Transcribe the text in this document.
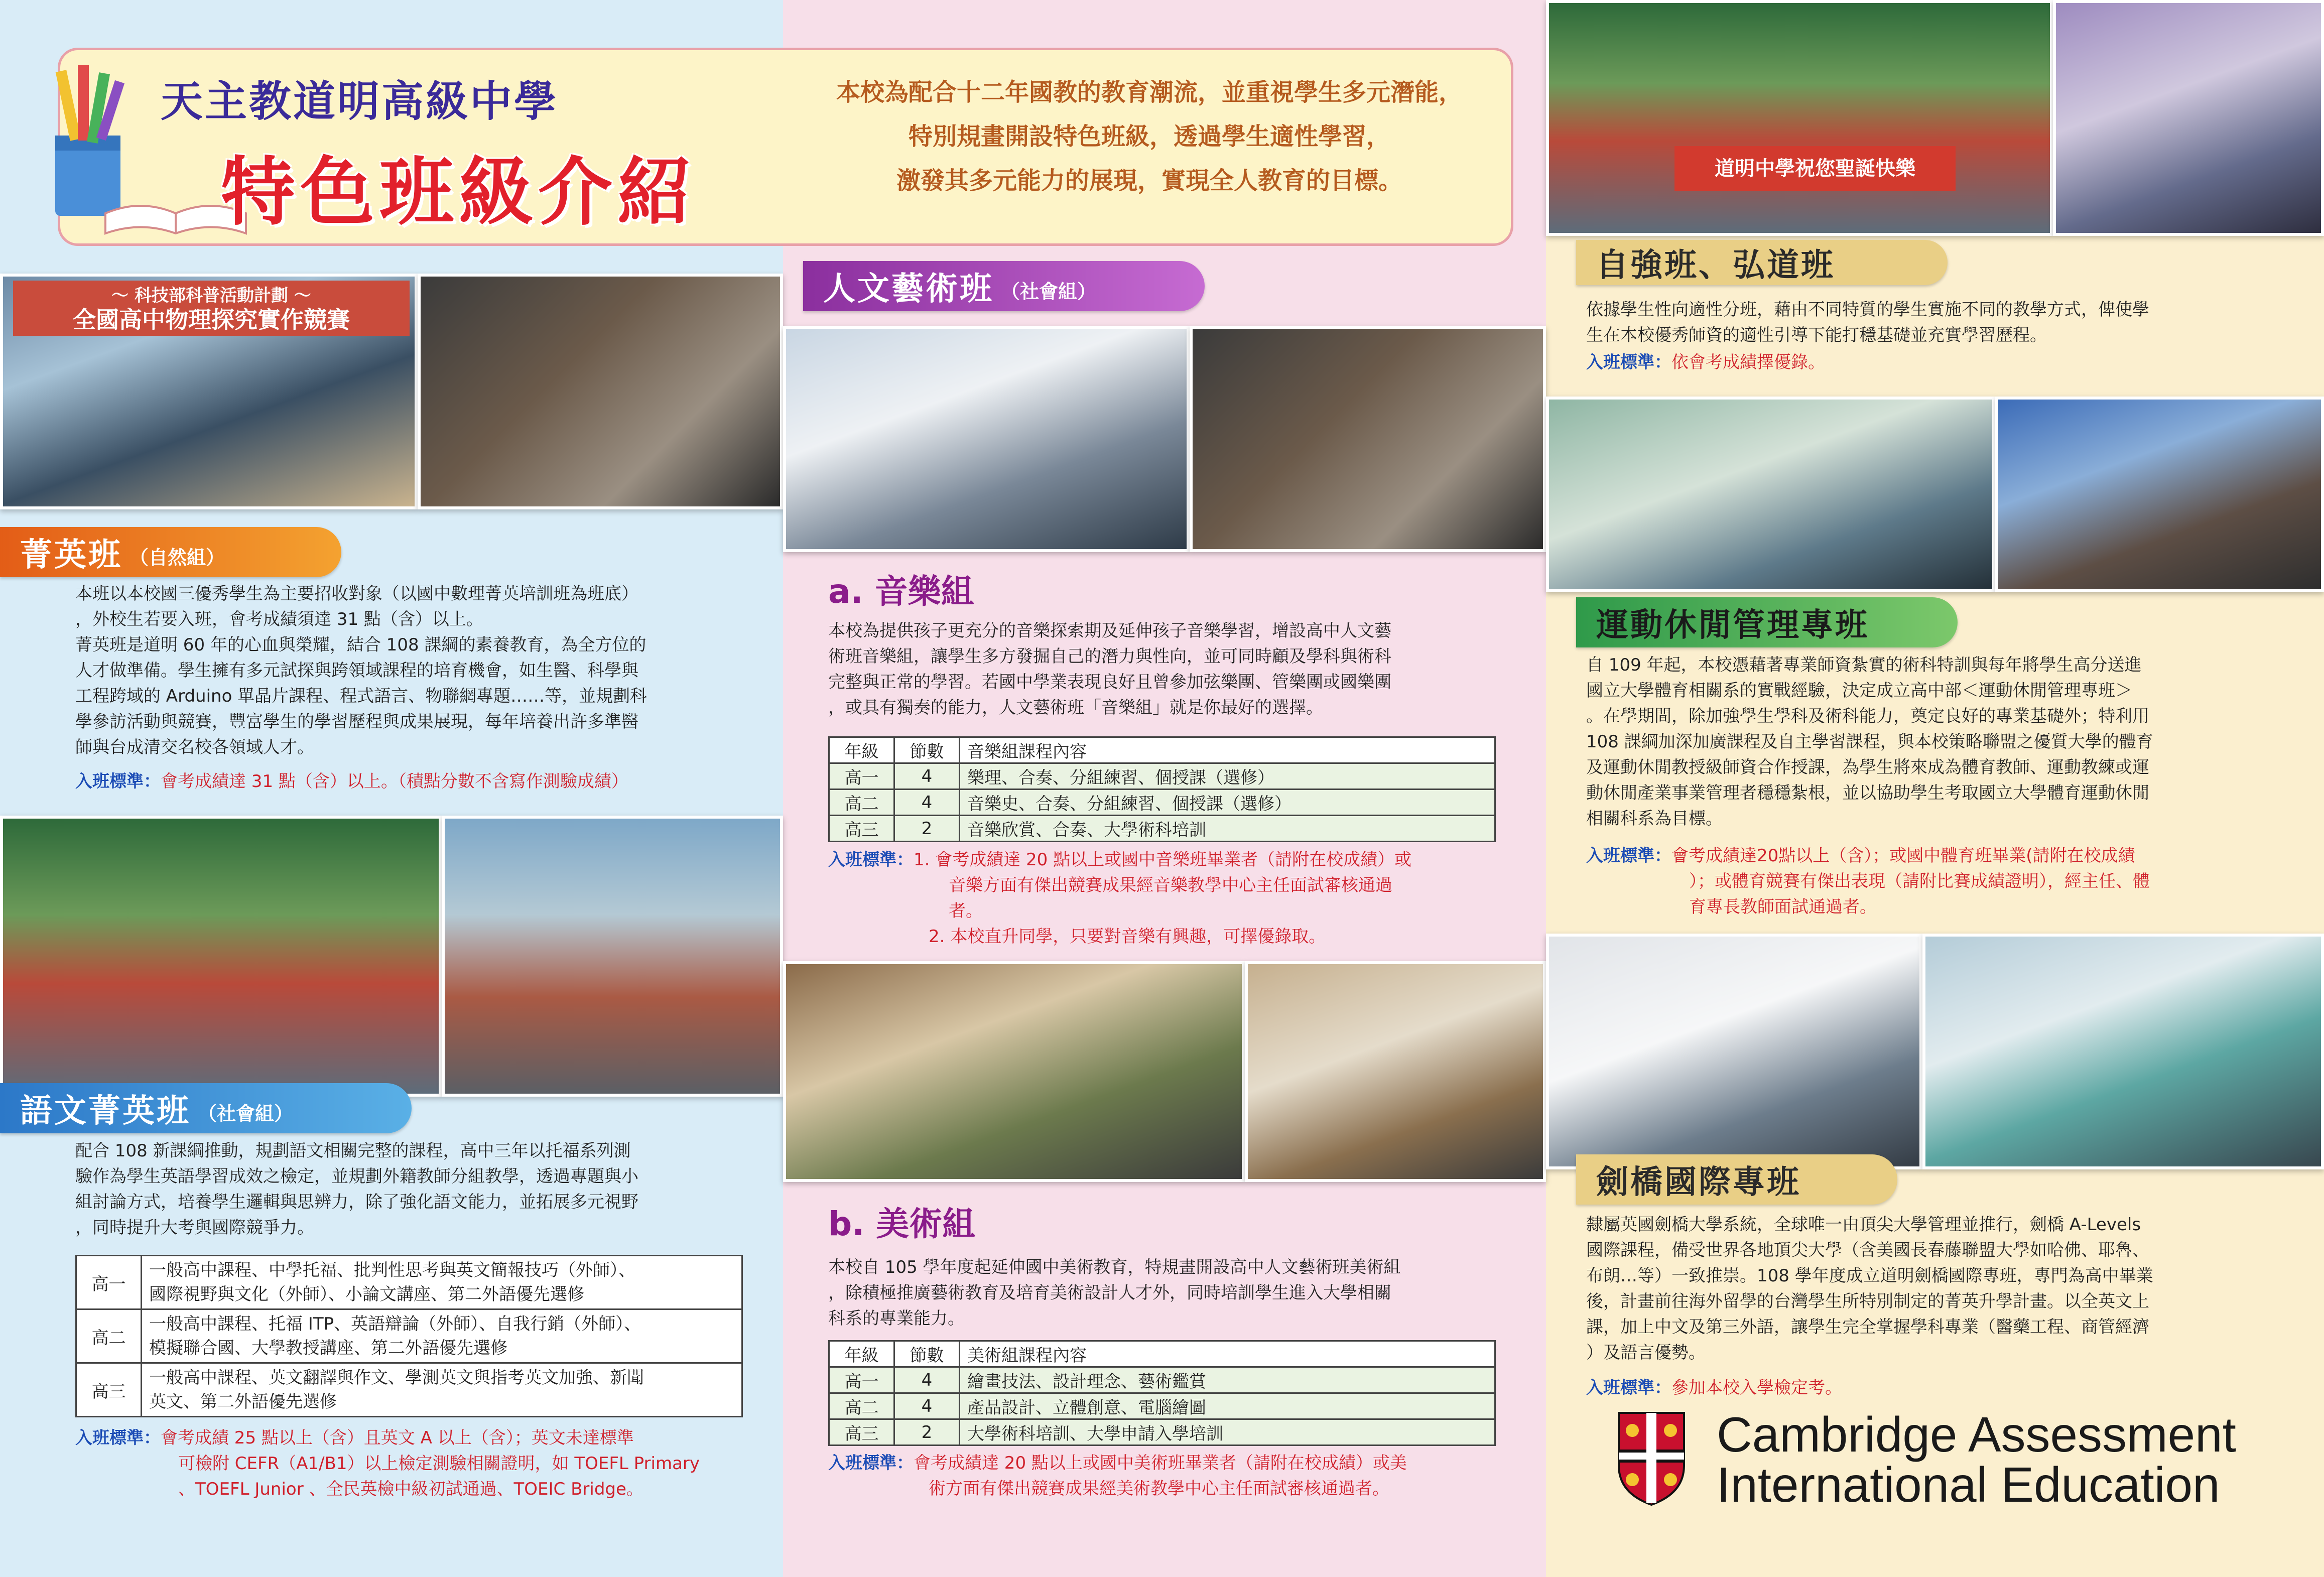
天主教道明高級中學
特色班級介紹
本校為配合十二年國教的教育潮流，並重視學生多元潛能，
特別規畫開設特色班級，透過學生適性學習，
激發其多元能力的展現，實現全人教育的目標。
～ 科技部科普活動計劃 ～
全國高中物理探究實作競賽
菁英班 （自然組）
本班以本校國三優秀學生為主要招收對象（以國中數理菁英培訓班為班底）
，外校生若要入班，會考成績須達 31 點（含）以上。
菁英班是道明 60 年的心血與榮耀，結合 108 課綱的素養教育，為全方位的
人才做準備。學生擁有多元試探與跨領域課程的培育機會，如生醫、科學與
工程跨域的 Arduino 單晶片課程、程式語言、物聯網專題……等，並規劃科
學參訪活動與競賽，豐富學生的學習歷程與成果展現，每年培養出許多準醫
師與台成清交名校各領域人才。
入班標準：會考成績達 31 點（含）以上。（積點分數不含寫作測驗成績）
語文菁英班 （社會組）
配合 108 新課綱推動，規劃語文相關完整的課程，高中三年以托福系列測
驗作為學生英語學習成效之檢定，並規劃外籍教師分組教學，透過專題與小
組討論方式，培養學生邏輯與思辨力，除了強化語文能力，並拓展多元視野
，同時提升大考與國際競爭力。
高一	一般高中課程、中學托福、批判性思考與英文簡報技巧（外師）、
國際視野與文化（外師）、小論文講座、第二外語優先選修

高二	一般高中課程、托福 ITP、英語辯論（外師）、自我行銷（外師）、
模擬聯合國、大學教授講座、第二外語優先選修

高三	一般高中課程、英文翻譯與作文、學測英文與指考英文加強、新聞
英文、第二外語優先選修
入班標準：會考成績 25 點以上（含）且英文 A 以上（含）；英文未達標準
可檢附 CEFR（A1/B1）以上檢定測驗相關證明，如 TOEFL Primary
、TOEFL Junior 、全民英檢中級初試通過、TOEIC Bridge。
人文藝術班 （社會組）
a. 音樂組
本校為提供孩子更充分的音樂探索期及延伸孩子音樂學習，增設高中人文藝
術班音樂組，讓學生多方發掘自己的潛力與性向，並可同時顧及學科與術科
完整與正常的學習。若國中學業表現良好且曾參加弦樂團、管樂團或國樂團
，或具有獨奏的能力，人文藝術班「音樂組」就是你最好的選擇。
年級	節數	音樂組課程內容
高一	4	樂理、合奏、分組練習、個授課（選修）
高二	4	音樂史、合奏、分組練習、個授課（選修）
高三	2	音樂欣賞、合奏、大學術科培訓
入班標準：1. 會考成績達 20 點以上或國中音樂班畢業者（請附在校成績）或
音樂方面有傑出競賽成果經音樂教學中心主任面試審核通過
者。
2. 本校直升同學，只要對音樂有興趣，可擇優錄取。
b. 美術組
本校自 105 學年度起延伸國中美術教育，特規畫開設高中人文藝術班美術組
，除積極推廣藝術教育及培育美術設計人才外，同時培訓學生進入大學相關
科系的專業能力。
年級	節數	美術組課程內容
高一	4	繪畫技法、設計理念、藝術鑑賞
高二	4	產品設計、立體創意、電腦繪圖
高三	2	大學術科培訓、大學申請入學培訓
入班標準：會考成績達 20 點以上或國中美術班畢業者（請附在校成績）或美
術方面有傑出競賽成果經美術教學中心主任面試審核通過者。
道明中學祝您聖誕快樂
自強班、弘道班
依據學生性向適性分班，藉由不同特質的學生實施不同的教學方式，俾使學
生在本校優秀師資的適性引導下能打穩基礎並充實學習歷程。
入班標準：依會考成績擇優錄。
運動休閒管理專班
自 109 年起，本校憑藉著專業師資紮實的術科特訓與每年將學生高分送進
國立大學體育相關系的實戰經驗，決定成立高中部＜運動休閒管理專班＞
。在學期間，除加強學生學科及術科能力，奠定良好的專業基礎外；特利用
108 課綱加深加廣課程及自主學習課程，與本校策略聯盟之優質大學的體育
及運動休閒教授級師資合作授課，為學生將來成為體育教師、運動教練或運
動休閒產業事業管理者穩穩紮根，並以協助學生考取國立大學體育運動休閒
相關科系為目標。
入班標準：會考成績達20點以上（含）；或國中體育班畢業(請附在校成績
）；或體育競賽有傑出表現（請附比賽成績證明），經主任、體
育專長教師面試通過者。
劍橋國際專班
隸屬英國劍橋大學系統，全球唯一由頂尖大學管理並推行，劍橋 A-Levels
國際課程，備受世界各地頂尖大學（含美國長春藤聯盟大學如哈佛、耶魯、
布朗…等）一致推崇。108 學年度成立道明劍橋國際專班，專門為高中畢業
後，計畫前往海外留學的台灣學生所特別制定的菁英升學計畫。以全英文上
課，加上中文及第三外語，讓學生完全掌握學科專業（醫藥工程、商管經濟
）及語言優勢。
入班標準：參加本校入學檢定考。
Cambridge Assessment
International Education
